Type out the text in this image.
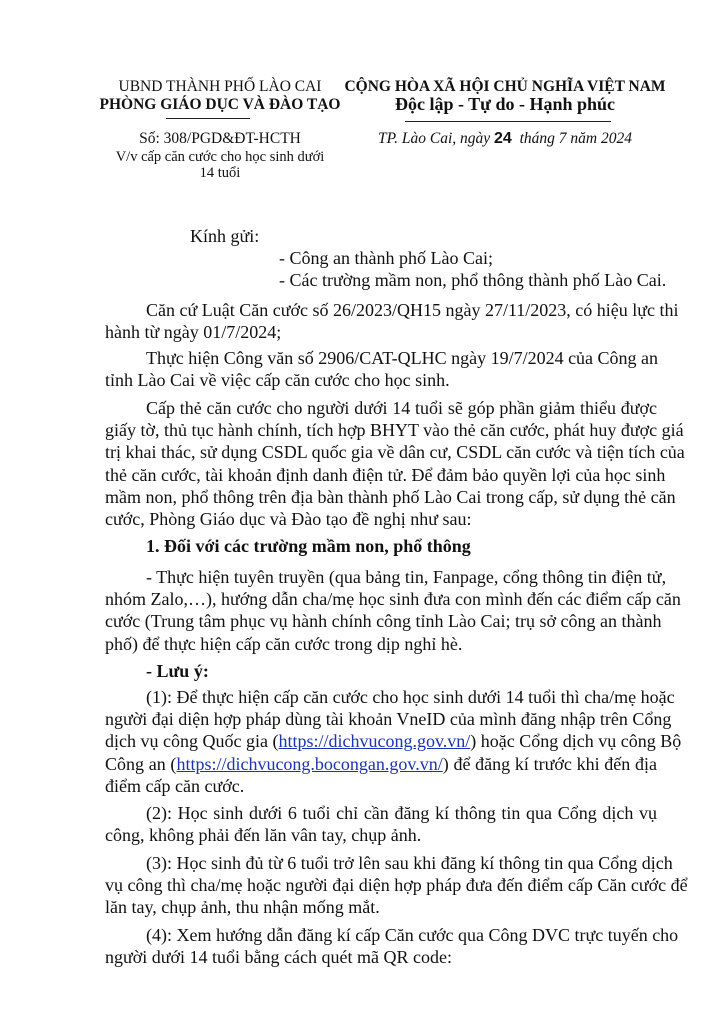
UBND THÀNH PHỐ LÀO CAI
PHÒNG GIÁO DỤC VÀ ĐÀO TẠO
Số: 308/PGD&ĐT-HCTH
V/v cấp căn cước cho học sinh dưới
14 tuổi
CỘNG HÒA XÃ HỘI CHỦ NGHĨA VIỆT NAM
Độc lập - Tự do - Hạnh phúc
TP. Lào Cai, ngày 24  tháng 7 năm 2024
Kính gửi:
- Công an thành phố Lào Cai;
- Các trường mầm non, phổ thông thành phố Lào Cai.
Căn cứ Luật Căn cước số 26/2023/QH15 ngày 27/11/2023, có hiệu lực thi
hành từ ngày 01/7/2024;
Thực hiện Công văn số 2906/CAT-QLHC ngày 19/7/2024 của Công an
tỉnh Lào Cai về việc cấp căn cước cho học sinh.
Cấp thẻ căn cước cho người dưới 14 tuổi sẽ góp phần giảm thiểu được
giấy tờ, thủ tục hành chính, tích hợp BHYT vào thẻ căn cước, phát huy được giá
trị khai thác, sử dụng CSDL quốc gia về dân cư, CSDL căn cước và tiện tích của
thẻ căn cước, tài khoản định danh điện tử. Để đảm bảo quyền lợi của học sinh
mầm non, phổ thông trên địa bàn thành phố Lào Cai trong cấp, sử dụng thẻ căn
cước, Phòng Giáo dục và Đào tạo đề nghị như sau:
1. Đối với các trường mầm non, phổ thông
- Thực hiện tuyên truyền (qua bảng tin, Fanpage, cổng thông tin điện tử,
nhóm Zalo,…), hướng dẫn cha/mẹ học sinh đưa con mình đến các điểm cấp căn
cước (Trung tâm phục vụ hành chính công tỉnh Lào Cai; trụ sở công an thành
phố) để thực hiện cấp căn cước trong dịp nghỉ hè.
- Lưu ý:
(1): Để thực hiện cấp căn cước cho học sinh dưới 14 tuổi thì cha/mẹ hoặc
người đại diện hợp pháp dùng tài khoản VneID của mình đăng nhập trên Cổng
dịch vụ công Quốc gia (https://dichvucong.gov.vn/) hoặc Cổng dịch vụ công Bộ
Công an (https://dichvucong.bocongan.gov.vn/) để đăng kí trước khi đến địa
điểm cấp căn cước.
(2): Học sinh dưới 6 tuổi chỉ cần đăng kí thông tin qua Cổng dịch vụ
công, không phải đến lăn vân tay, chụp ảnh.
(3): Học sinh đủ từ 6 tuổi trở lên sau khi đăng kí thông tin qua Cổng dịch
vụ công thì cha/mẹ hoặc người đại diện hợp pháp đưa đến điểm cấp Căn cước để
lăn tay, chụp ảnh, thu nhận mống mắt.
(4): Xem hướng dẫn đăng kí cấp Căn cước qua Công DVC trực tuyến cho
người dưới 14 tuổi bằng cách quét mã QR code:
